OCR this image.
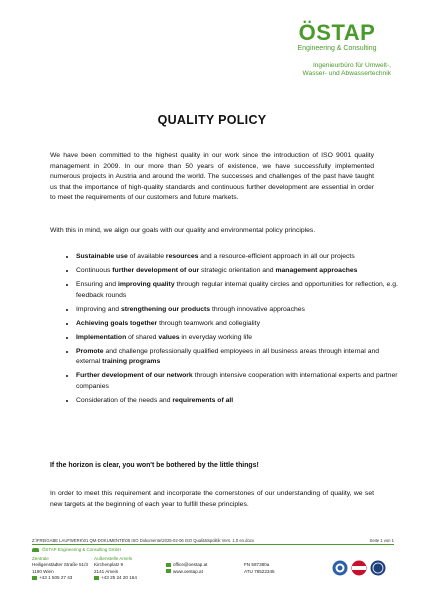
ÖSTAP
Engineering & Consulting
Ingenieurbüro für Umwelt-,
Wasser- und Abwassertechnik
QUALITY POLICY
We have been committed to the highest quality in our work since the introduction of ISO 9001 quality management in 2009. In our more than 50 years of existence, we have successfully implemented numerous projects in Austria and around the world. The successes and challenges of the past have taught us that the importance of high-quality standards and continuous further development are essential in order to meet the requirements of our customers and future markets.
With this in mind, we align our goals with our quality and environmental policy principles.
• Sustainable use of available resources and a resource-efficient approach in all our projects
• Continuous further development of our strategic orientation and management approaches
• Ensuring and improving quality through regular internal quality circles and opportunities for reflection, e.g. feedback rounds
• Improving and strengthening our products through innovative approaches
• Achieving goals together through teamwork and collegiality
• Implementation of shared values in everyday working life
• Promote and challenge professionally qualified employees in all business areas through internal and external training programs
• Further development of our network through intensive cooperation with international experts and partner companies
• Consideration of the needs and requirements of all
If the horizon is clear, you won't be bothered by the little things!
In order to meet this requirement and incorporate the cornerstones of our understanding of quality, we set new targets at the beginning of each year to fulfill these principles.
Z:\FREIGABE LAUFWERK\01 QM-DOKUMENTE\05 ISO Dokumente\2025-02-06 ISO Qualitätspolitik Vers. 1.0 en.docx	Seite 1 von 1
ÖSTAP Engineering & Consulting GmbH
Zentrale
Heiligenstädter Straße 51/3
1190 Wien
+43 1 505 27 43
Außenstelle Amels
Kirchenplatz 9
2141 Ameis
+43 25 24 20 164

office@oestap.at
www.oestap.at

FN 587380a
ATU 78522345
